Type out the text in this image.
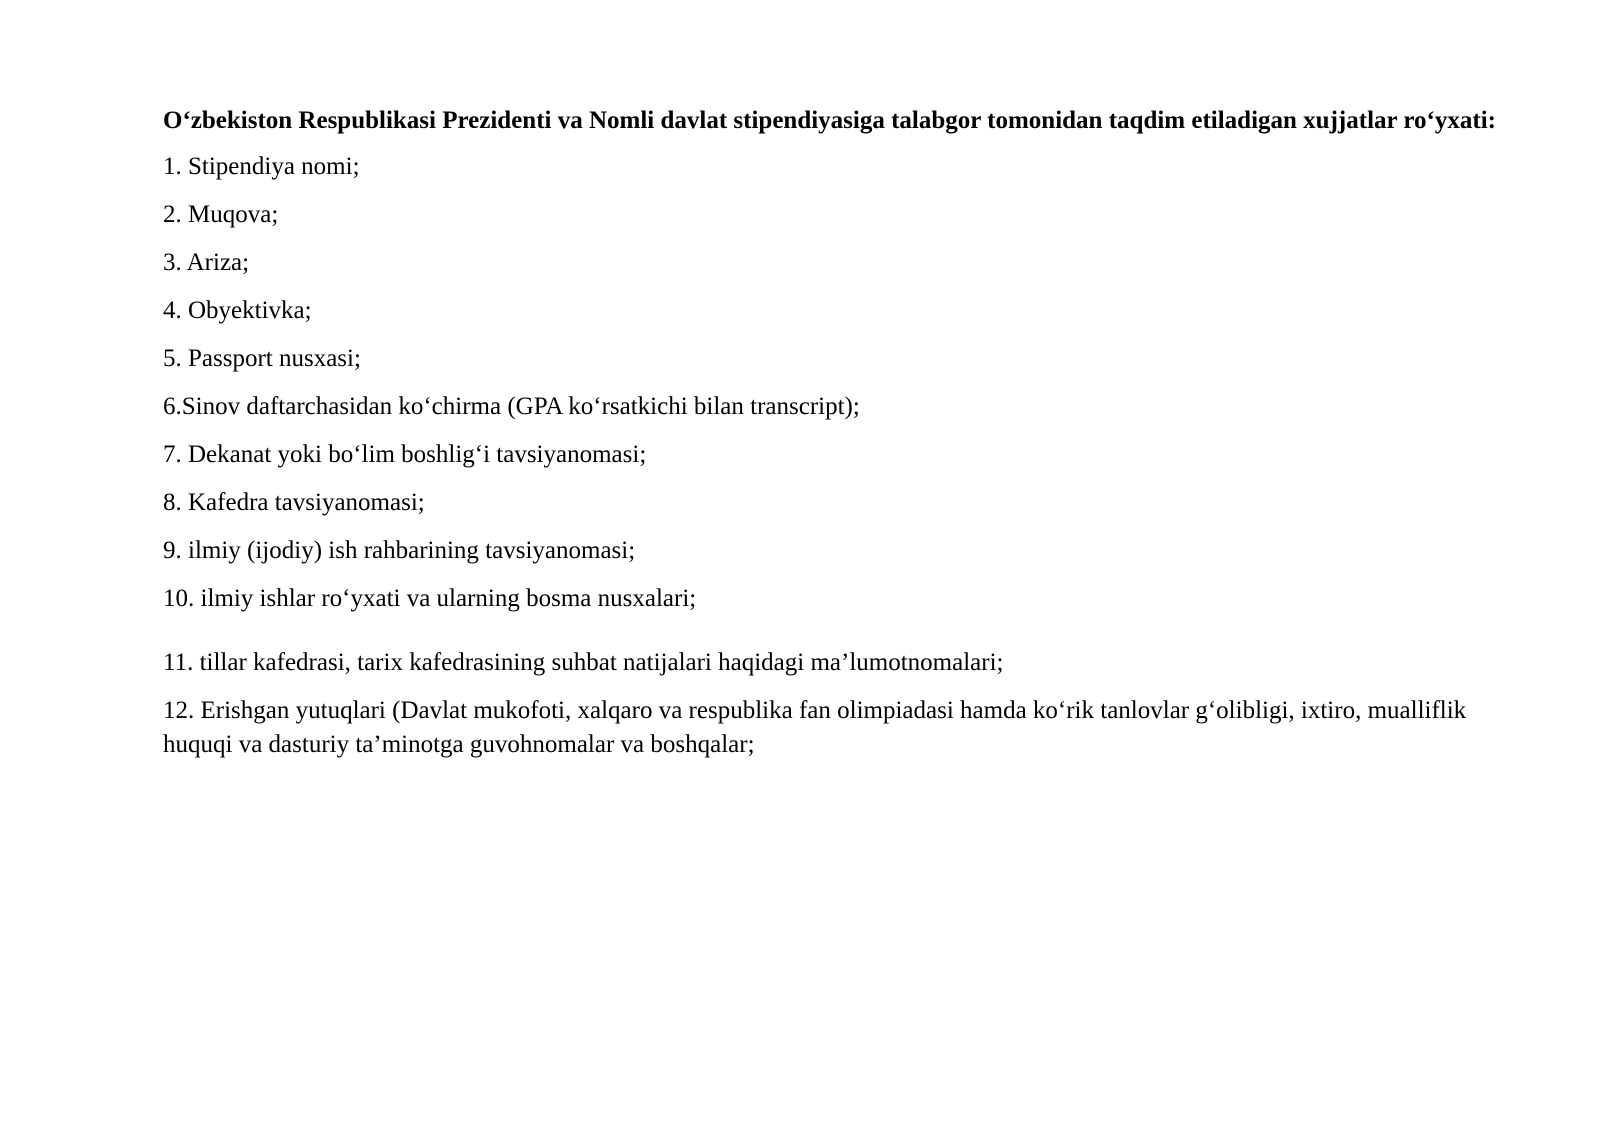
O‘zbekiston Respublikasi Prezidenti va Nomli davlat stipendiyasiga talabgor tomonidan taqdim etiladigan xujjatlar ro‘yxati:

1. Stipendiya nomi;

2. Muqova;

3. Ariza;

4. Obyektivka;

5. Passport nusxasi;

6.Sinov daftarchasidan ko‘chirma (GPA ko‘rsatkichi bilan transcript);

7. Dekanat yoki bo‘lim boshlig‘i tavsiyanomasi;

8. Kafedra tavsiyanomasi;

9. ilmiy (ijodiy) ish rahbarining tavsiyanomasi;

10. ilmiy ishlar ro‘yxati va ularning bosma nusxalari;

11. tillar kafedrasi, tarix kafedrasining suhbat natijalari haqidagi ma’lumotnomalari;

12. Erishgan yutuqlari (Davlat mukofoti, xalqaro va respublika fan olimpiadasi hamda ko‘rik tanlovlar g‘olibligi, ixtiro, mualliflik huquqi va dasturiy ta’minotga guvohnomalar va boshqalar;
